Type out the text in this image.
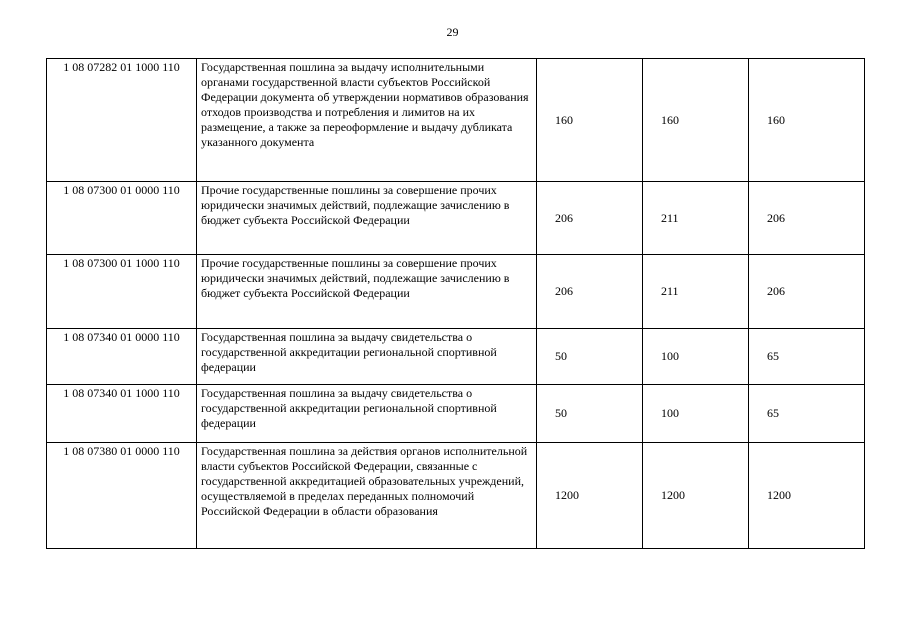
29
1 08 07282 01 1000 110	Государственная пошлина за выдачу исполнительными органами государственной власти субъектов Российской Федерации документа об утверждении нормативов образования отходов производства и потребления и лимитов на их размещение, а также за переоформление и выдачу дубликата указанного документа	160	160	160
1 08 07300 01 0000 110	Прочие государственные пошлины за совершение прочих юридически значимых действий, подлежащие зачислению в бюджет субъекта Российской Федерации	206	211	206
1 08 07300 01 1000 110	Прочие государственные пошлины за совершение прочих юридически значимых действий, подлежащие зачислению в бюджет субъекта Российской Федерации	206	211	206
1 08 07340 01 0000 110	Государственная пошлина за выдачу свидетельства о государственной аккредитации региональной спортивной федерации	50	100	65
1 08 07340 01 1000 110	Государственная пошлина за выдачу свидетельства о государственной аккредитации региональной спортивной федерации	50	100	65
1 08 07380 01 0000 110	Государственная пошлина за действия органов исполнительной власти субъектов Российской Федерации, связанные с государственной аккредитацией образовательных учреждений, осуществляемой в пределах переданных полномочий Российской Федерации в области образования	1200	1200	1200
